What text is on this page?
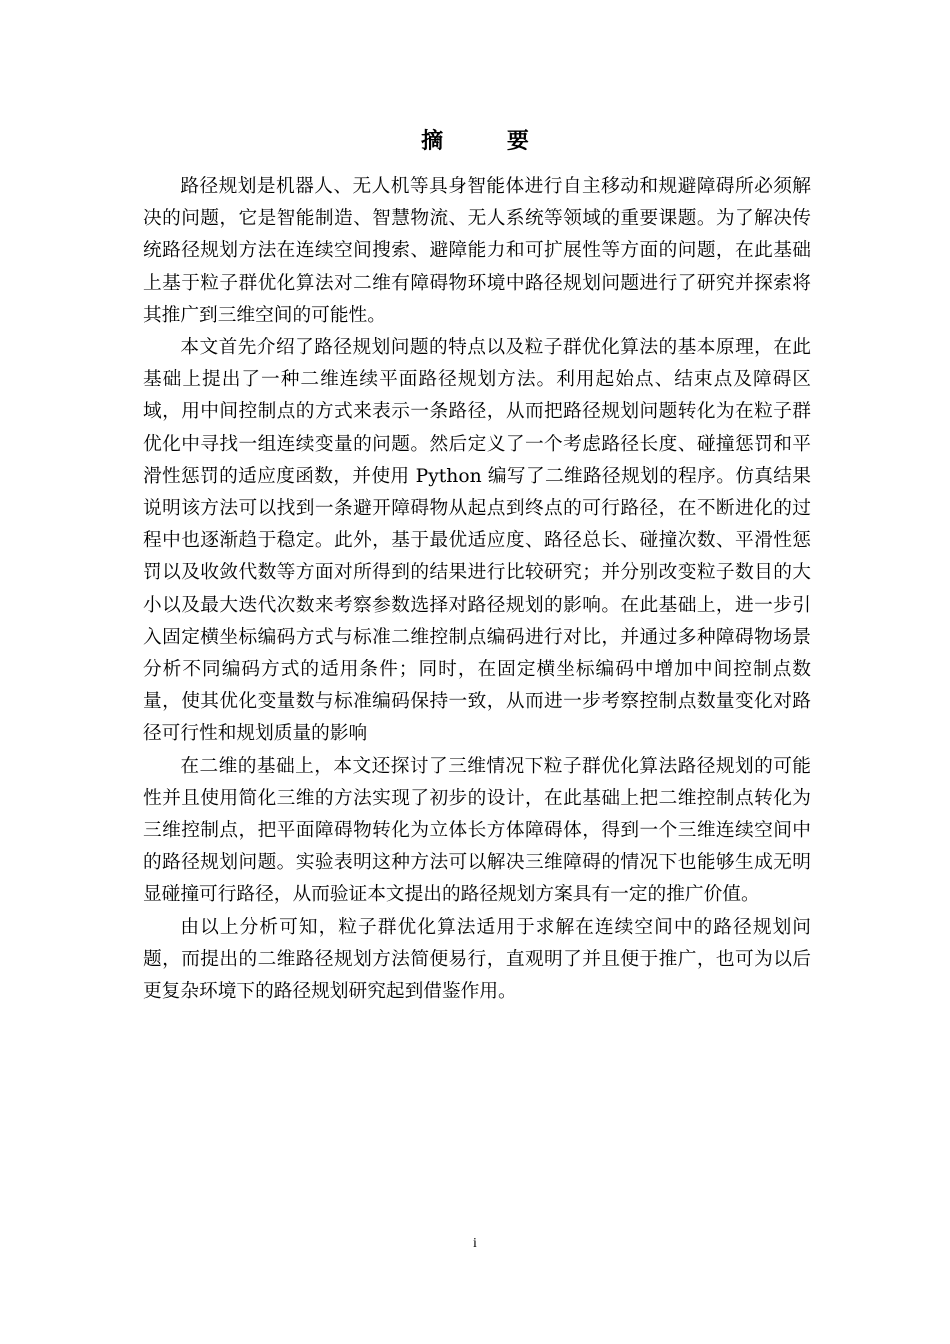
摘 要

路径规划是机器人、无人机等具身智能体进行自主移动和规避障碍所必须解决的问题，它是智能制造、智慧物流、无人系统等领域的重要课题。为了解决传统路径规划方法在连续空间搜索、避障能力和可扩展性等方面的问题，在此基础上基于粒子群优化算法对二维有障碍物环境中路径规划问题进行了研究并探索将其推广到三维空间的可能性。

本文首先介绍了路径规划问题的特点以及粒子群优化算法的基本原理，在此基础上提出了一种二维连续平面路径规划方法。利用起始点、结束点及障碍区域，用中间控制点的方式来表示一条路径，从而把路径规划问题转化为在粒子群优化中寻找一组连续变量的问题。然后定义了一个考虑路径长度、碰撞惩罚和平滑性惩罚的适应度函数，并使用 Python 编写了二维路径规划的程序。仿真结果说明该方法可以找到一条避开障碍物从起点到终点的可行路径，在不断进化的过程中也逐渐趋于稳定。此外，基于最优适应度、路径总长、碰撞次数、平滑性惩罚以及收敛代数等方面对所得到的结果进行比较研究；并分别改变粒子数目的大小以及最大迭代次数来考察参数选择对路径规划的影响。在此基础上，进一步引入固定横坐标编码方式与标准二维控制点编码进行对比，并通过多种障碍物场景分析不同编码方式的适用条件；同时，在固定横坐标编码中增加中间控制点数量，使其优化变量数与标准编码保持一致，从而进一步考察控制点数量变化对路径可行性和规划质量的影响

在二维的基础上，本文还探讨了三维情况下粒子群优化算法路径规划的可能性并且使用简化三维的方法实现了初步的设计，在此基础上把二维控制点转化为三维控制点，把平面障碍物转化为立体长方体障碍体，得到一个三维连续空间中的路径规划问题。实验表明这种方法可以解决三维障碍的情况下也能够生成无明显碰撞可行路径，从而验证本文提出的路径规划方案具有一定的推广价值。

由以上分析可知，粒子群优化算法适用于求解在连续空间中的路径规划问题，而提出的二维路径规划方法简便易行，直观明了并且便于推广，也可为以后更复杂环境下的路径规划研究起到借鉴作用。

i
